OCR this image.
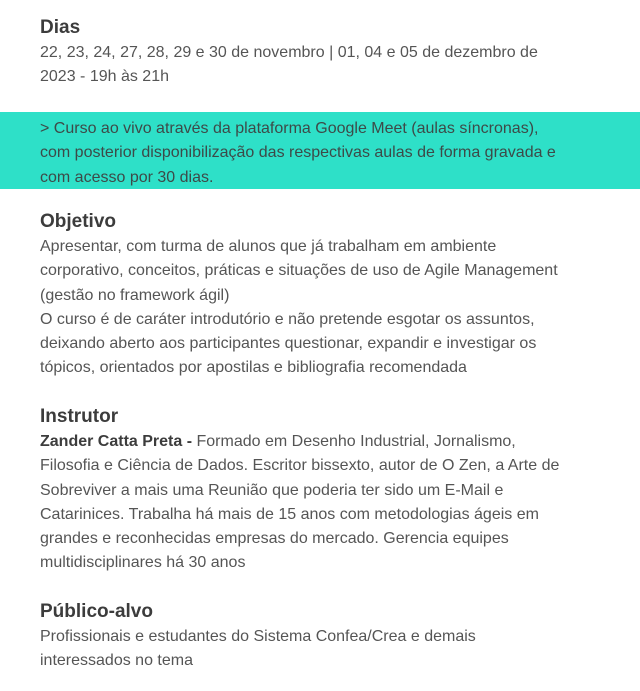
Dias

22, 23, 24, 27, 28, 29 e 30 de novembro | 01, 04 e 05 de dezembro de
2023 - 19h às 21h

> Curso ao vivo através da plataforma Google Meet (aulas síncronas),
com posterior disponibilização das respectivas aulas de forma gravada e
com acesso por 30 dias.

Objetivo

Apresentar, com turma de alunos que já trabalham em ambiente
corporativo, conceitos, práticas e situações de uso de Agile Management
(gestão no framework ágil)
O curso é de caráter introdutório e não pretende esgotar os assuntos,
deixando aberto aos participantes questionar, expandir e investigar os
tópicos, orientados por apostilas e bibliografia recomendada

Instrutor

Zander Catta Preta - Formado em Desenho Industrial, Jornalismo,
Filosofia e Ciência de Dados. Escritor bissexto, autor de O Zen, a Arte de
Sobreviver a mais uma Reunião que poderia ter sido um E-Mail e
Catarinices. Trabalha há mais de 15 anos com metodologias ágeis em
grandes e reconhecidas empresas do mercado. Gerencia equipes
multidisciplinares há 30 anos

Público-alvo

Profissionais e estudantes do Sistema Confea/Crea e demais
interessados no tema
